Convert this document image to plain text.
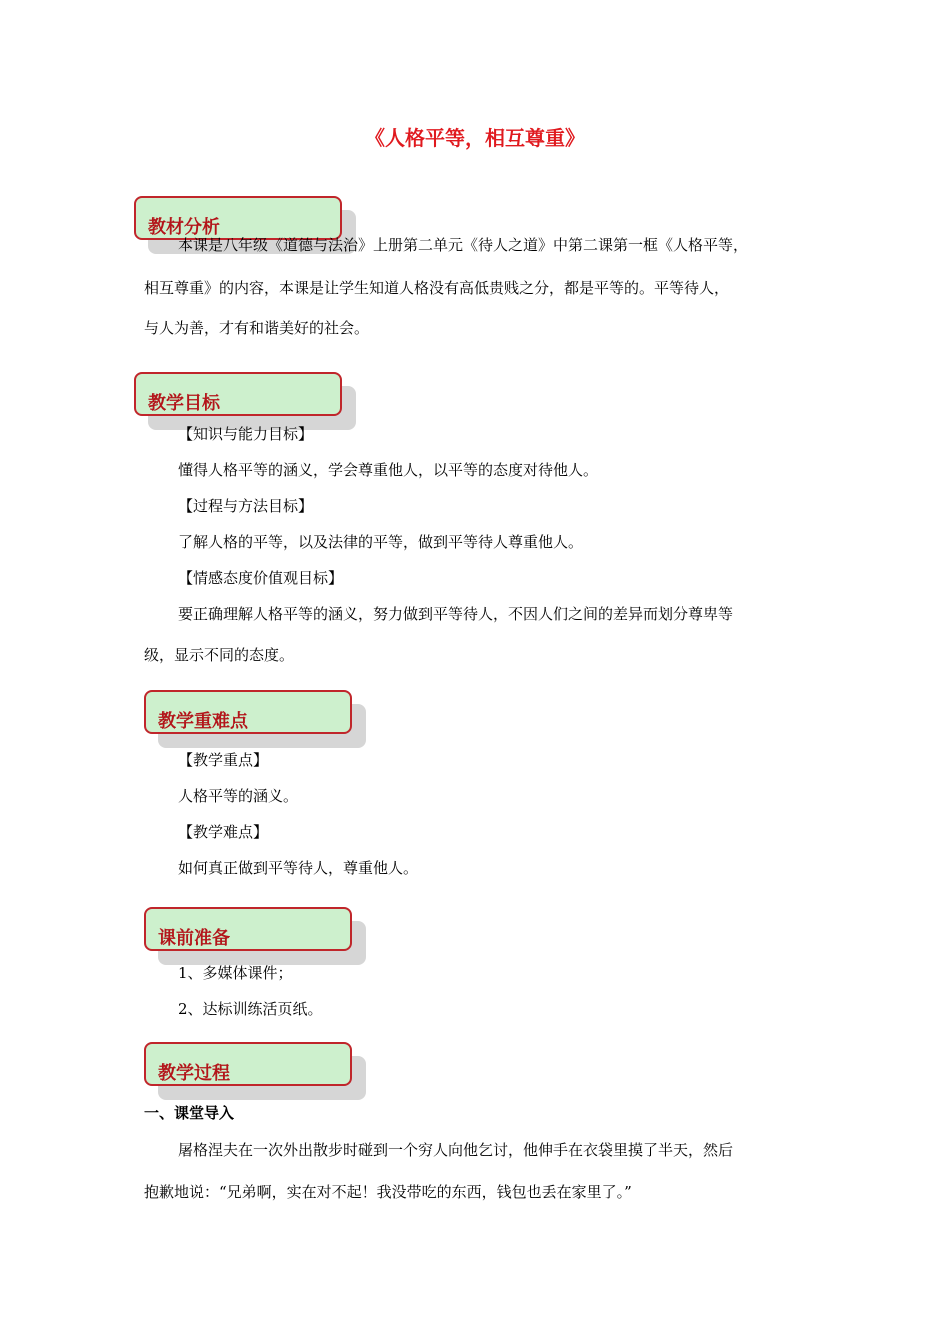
《人格平等，相互尊重》
教材分析
本课是八年级《道德与法治》上册第二单元《待人之道》中第二课第一框《人格平等，
相互尊重》的内容，本课是让学生知道人格没有高低贵贱之分，都是平等的。平等待人，
与人为善，才有和谐美好的社会。
教学目标
【知识与能力目标】
懂得人格平等的涵义，学会尊重他人，以平等的态度对待他人。
【过程与方法目标】
了解人格的平等，以及法律的平等，做到平等待人尊重他人。
【情感态度价值观目标】
要正确理解人格平等的涵义，努力做到平等待人，不因人们之间的差异而划分尊卑等
级，显示不同的态度。
教学重难点
【教学重点】
人格平等的涵义。
【教学难点】
如何真正做到平等待人，尊重他人。
课前准备
1、多媒体课件；
2、达标训练活页纸。
教学过程
一、课堂导入
屠格涅夫在一次外出散步时碰到一个穷人向他乞讨，他伸手在衣袋里摸了半天，然后
抱歉地说：“兄弟啊，实在对不起！我没带吃的东西，钱包也丢在家里了。”
